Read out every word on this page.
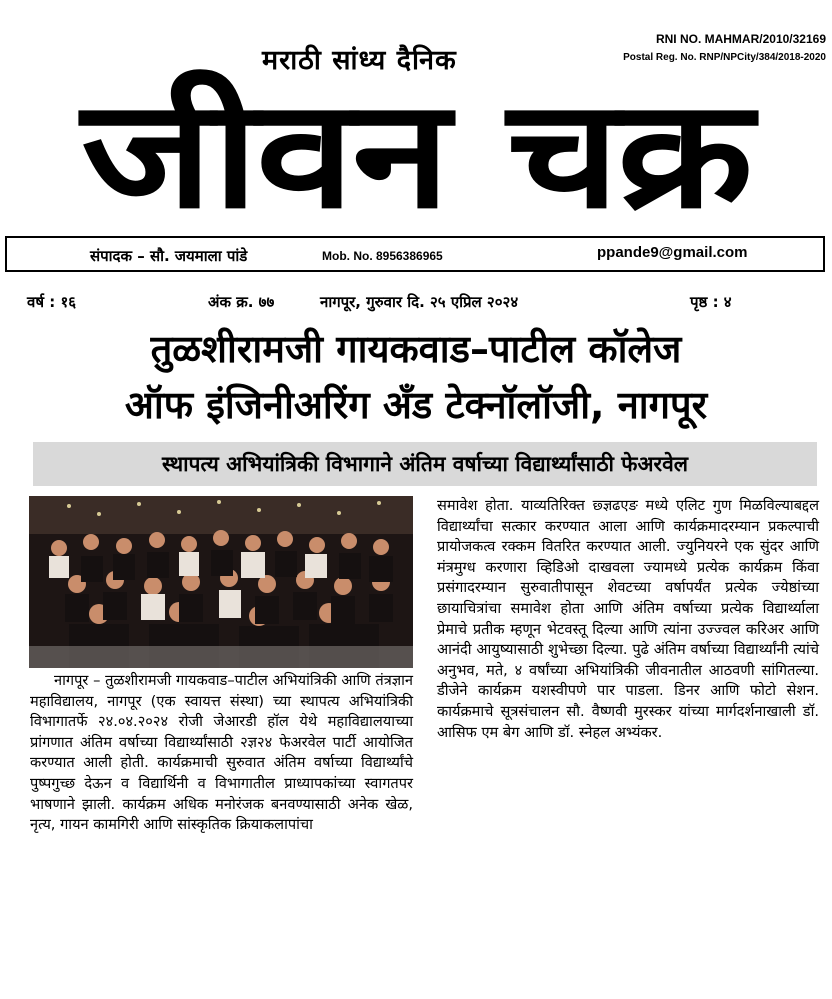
मराठी सांध्य दैनिक
RNI NO. MAHMAR/2010/32169
Postal Reg. No. RNP/NPCity/384/2018-2020
जीवन चक्र
संपादक – सौ. जयमाला पांडे	Mob. No. 8956386965	ppande9@gmail.com
वर्ष : १६	अंक क्र. ७७	नागपूर, गुरुवार दि. २५ एप्रिल २०२४	पृष्ठ : ४
तुळशीरामजी गायकवाड–पाटील कॉलेज
ऑफ इंजिनीअरिंग अँड टेक्नॉलॉजी, नागपूर
स्थापत्य अभियांत्रिकी विभागाने अंतिम वर्षाच्या विद्यार्थ्यांसाठी फेअरवेल

नागपूर – तुळशीरामजी गायकवाड–पाटील अभियांत्रिकी आणि तंत्रज्ञान महाविद्यालय, नागपूर (एक स्वायत्त संस्था) च्या स्थापत्य अभियांत्रिकी विभागातर्फे २४.०४.२०२४ रोजी जेआरडी हॉल येथे महाविद्यालयाच्या प्रांगणात अंतिम वर्षाच्या विद्यार्थ्यांसाठी २ज्ञ२४ फेअरवेल पार्टी आयोजित करण्यात आली होती. कार्यक्रमाची सुरुवात अंतिम वर्षाच्या विद्यार्थ्यांचे पुष्पगुच्छ देऊन व विद्यार्थिनी व विभागातील प्राध्यापकांच्या स्वागतपर भाषणाने झाली. कार्यक्रम अधिक मनोरंजक बनवण्यासाठी अनेक खेळ, नृत्य, गायन कामगिरी आणि सांस्कृतिक क्रियाकलापांचा

समावेश होता. याव्यतिरिक्त छ्ज्ञढएङ मध्ये एलिट गुण मिळविल्याबद्दल विद्यार्थ्यांचा सत्कार करण्यात आला आणि कार्यक्रमादरम्यान प्रकल्पाची प्रायोजकत्व रक्कम वितरित करण्यात आली. ज्युनियरने एक सुंदर आणि मंत्रमुग्ध करणारा व्हिडिओ दाखवला ज्यामध्ये प्रत्येक कार्यक्रम किंवा प्रसंगादरम्यान सुरुवातीपासून शेवटच्या वर्षापर्यंत प्रत्येक ज्येष्ठांच्या छायाचित्रांचा समावेश होता आणि अंतिम वर्षाच्या प्रत्येक विद्यार्थ्याला प्रेमाचे प्रतीक म्हणून भेटवस्तू दिल्या आणि त्यांना उज्ज्वल करिअर आणि आनंदी आयुष्यासाठी शुभेच्छा दिल्या. पुढे अंतिम वर्षाच्या विद्यार्थ्यांनी त्यांचे अनुभव, मते, ४ वर्षांच्या अभियांत्रिकी जीवनातील आठवणी सांगितल्या. डीजेने कार्यक्रम यशस्वीपणे पार पाडला. डिनर आणि फोटो सेशन. कार्यक्रमाचे सूत्रसंचालन सौ. वैष्णवी मुरस्कर यांच्या मार्गदर्शनाखाली डॉ. आसिफ एम बेग आणि डॉ. स्नेहल अभ्यंकर.
